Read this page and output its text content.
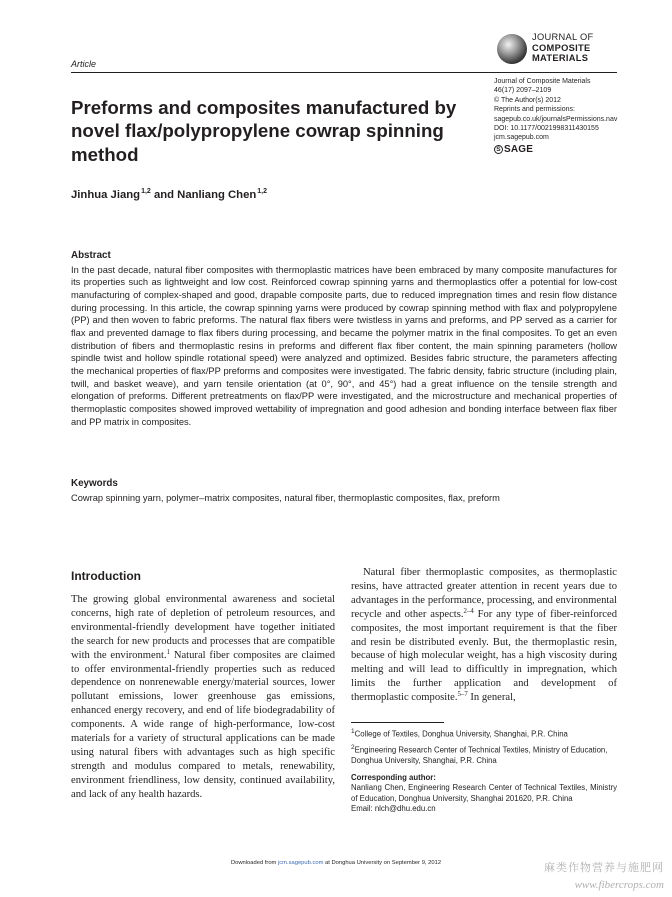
Article
JOURNAL OF
COMPOSITE
MATERIALS
Journal of Composite Materials
46(17) 2097–2109
© The Author(s) 2012
Reprints and permissions:
sagepub.co.uk/journalsPermissions.nav
DOI: 10.1177/0021998311430155
jcm.sagepub.com
S SAGE
Preforms and composites manufactured by novel flax/polypropylene cowrap spinning method
Jinhua Jiang$^{1,2}$ and Nanliang Chen$^{1,2}$
Abstract

In the past decade, natural fiber composites with thermoplastic matrices have been embraced by many composite manufactures for its properties such as lightweight and low cost. Reinforced cowrap spinning yarns and thermoplastics offer a potential for low-cost manufacturing of complex-shaped and good, drapable composite parts, due to reduced impregnation times and resin flow distance during processing. In this article, the cowrap spinning yarns were produced by cowrap spinning method with flax and polypropylene (PP) and then woven to fabric preforms. The natural flax fibers were twistless in yarns and preforms, and PP served as a carrier for flax and prevented damage to flax fibers during processing, and became the polymer matrix in the final composites. To get an even distribution of fibers and thermoplastic resins in preforms and different flax fiber content, the main spinning parameters (hollow spindle twist and hollow spindle rotational speed) were analyzed and optimized. Besides fabric structure, the parameters affecting the mechanical properties of flax/PP preforms and composites were investigated. The fabric density, fabric structure (including plain, twill, and basket weave), and yarn tensile orientation (at 0°, 90°, and 45°) had a great influence on the tensile strength and elongation of preforms. Different pretreatments on flax/PP were investigated, and the microstructure and mechanical properties of thermoplastic composites showed improved wettability of impregnation and good adhesion and bonding interface between flax fiber and PP matrix in composites.

Keywords

Cowrap spinning yarn, polymer–matrix composites, natural fiber, thermoplastic composites, flax, preform

Introduction

The growing global environmental awareness and societal concerns, high rate of depletion of petroleum resources, and environmental-friendly development have together initiated the search for new products and processes that are compatible with the environment.$^1$ Natural fiber composites are claimed to offer environmental-friendly properties such as reduced dependence on nonrenewable energy/material sources, lower pollutant emissions, lower greenhouse gas emissions, enhanced energy recovery, and end of life biodegradability of components. A wide range of high-performance, low-cost materials for a variety of structural applications can be made using natural fibers with advantages such as high specific strength and modulus compared to metals, renewability, environment friendliness, low density, continued availability, and lack of any health hazards.

Natural fiber thermoplastic composites, as thermoplastic resins, have attracted greater attention in recent years due to advantages in the performance, processing, and environmental recycle and other aspects.$^{2-4}$ For any type of fiber-reinforced composites, the most important requirement is that the fiber and resin be distributed evenly. But, the thermoplastic resin, because of high molecular weight, has a high viscosity during melting and will lead to difficultly in impregnation, which limits the further application and development of thermoplastic composite.$^{5-7}$ In general,

$^1$College of Textiles, Donghua University, Shanghai, P.R. China

$^2$Engineering Research Center of Technical Textiles, Ministry of Education, Donghua University, Shanghai, P.R. China

Corresponding author:
Nanliang Chen, Engineering Research Center of Technical Textiles, Ministry of Education, Donghua University, Shanghai 201620, P.R. China
Email: nlch@dhu.edu.cn
Downloaded from jcm.sagepub.com at Donghua University on September 9, 2012	麻类作物营养与施肥网
www.fibercrops.com
